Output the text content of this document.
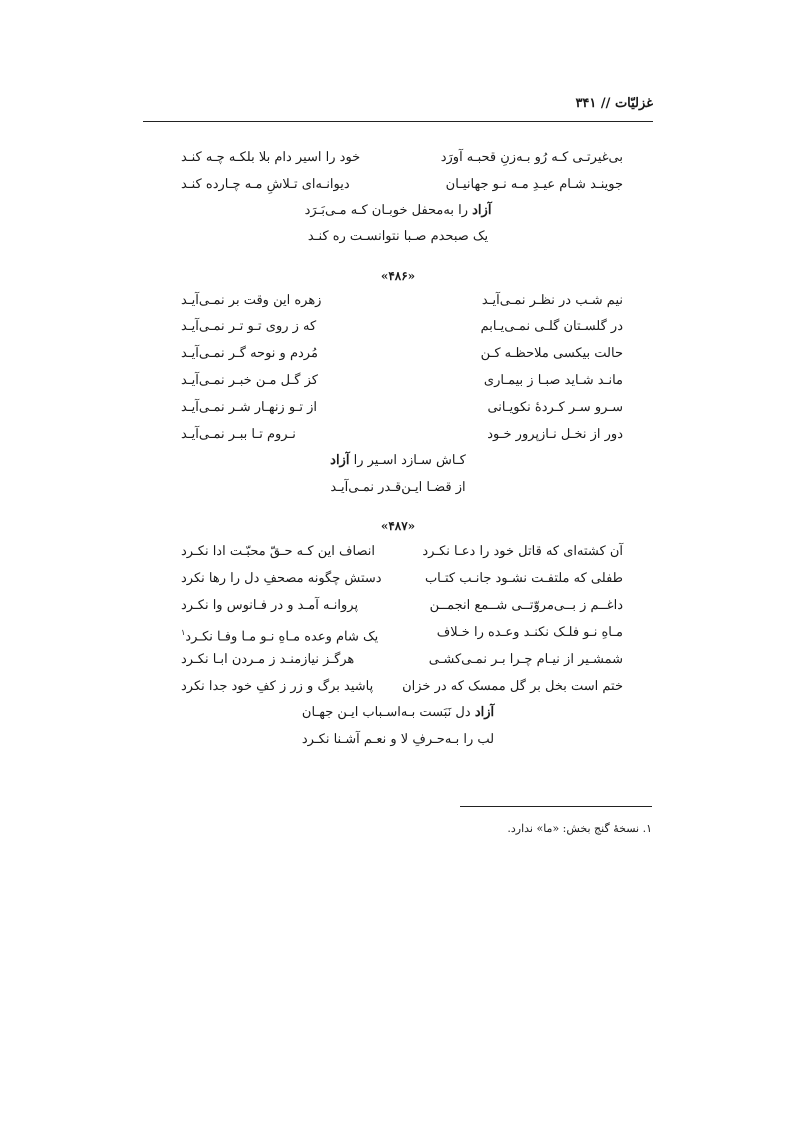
غزلیّات // ۳۴۱
بی‌غیرتـی کـه رُو بـه‌زنِ قحبـه آورَد
خود را اسیر دام بلا بلکـه چـه کنـد
جوینـد شـام عیـدِ مـه نـو جهانیـان
دیوانـه‌ای تـلاشِ مـه چـارده کنـد
آزاد را به‌محفل خوبـان کـه مـی‌بَـرَد
یک صبحدم صـبا نتوانسـت ره کنـد
«۴۸۶»
نیم شـب در نظـر نمـی‌آیـد
زهره این وقت بر نمـی‌آیـد
در گلسـتان گلـی نمـی‌یـابم
که ز روی تـو تـر نمـی‌آیـد
حالت بیکسی ملاحظـه کـن
مُردم و نوحه گـر نمـی‌آیـد
مانـد شـاید صبـا ز بیمـاری
کز گـل مـن خبـر نمـی‌آیـد
سـرو سـر کـردهٔ نکویـانی
از تـو زنهـار شـر نمـی‌آیـد
دور از نخـل نـازپرور خـود
نـروم تـا ببـر نمـی‌آیـد
کـاش سـازد اسـیر را آزاد
از قضـا ایـن‌قـدر نمـی‌آیـد
«۴۸۷»
آن کشته‌ای که قاتل خود را دعـا نکـرد
انصاف این کـه حـقّ محبّـت ادا نکـرد
طفلی که ملتفـت نشـود جانـب کتـاب
دستش چگونه مصحفِ دل را رها نکرد
داغــم ز بــی‌مروّتــی شــمع انجمــن
پروانـه آمـد و در فـانوس وا نکـرد
مـاهِ نـو فلـک نکنـد وعـده را خـلاف
یک شام وعده مـاهِ نـو مـا وفـا نکـرد$^۱$
شمشـیر از نیـام چـرا بـر نمـی‌کشـی
هرگـز نیازمنـد ز مـردن ابـا نکـرد
ختم است بخل بر گل ممسک که در خزان
پاشید برگ و زر ز کفِ خود جدا نکرد
آزاد دل نَبَست بـه‌اسـباب ایـن جهـان
لب را بـه‌حـرفِ لا و نعـم آشـنا نکـرد
۱. نسخهٔ گنج بخش: «ما» ندارد.
